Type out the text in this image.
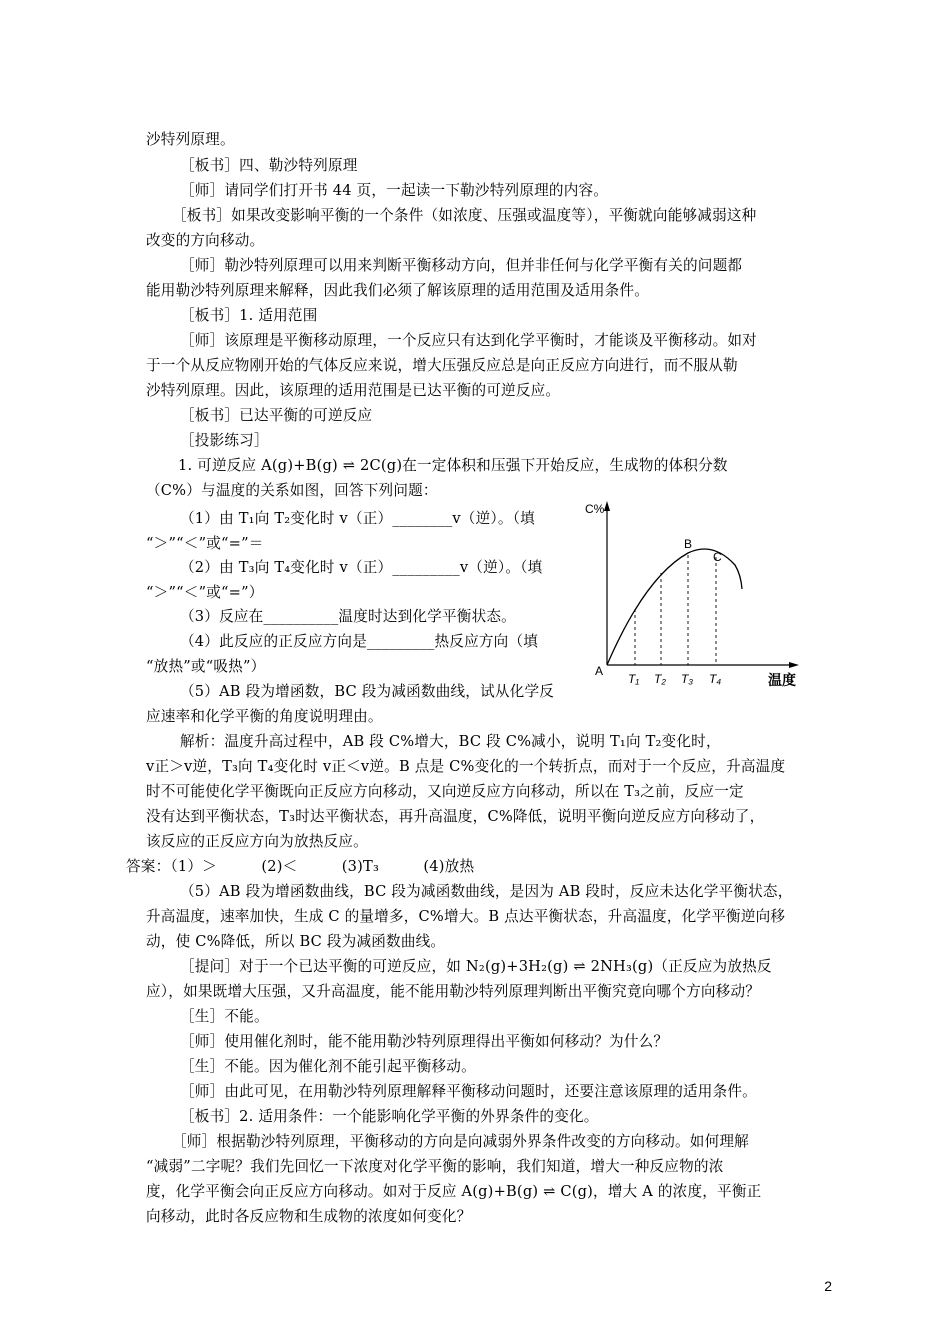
沙特列原理。
［板书］四、勒沙特列原理
［师］请同学们打开书 44 页，一起读一下勒沙特列原理的内容。
［板书］如果改变影响平衡的一个条件（如浓度、压强或温度等），平衡就向能够减弱这种
改变的方向移动。
［师］勒沙特列原理可以用来判断平衡移动方向，但并非任何与化学平衡有关的问题都
能用勒沙特列原理来解释，因此我们必须了解该原理的适用范围及适用条件。
［板书］1. 适用范围
［师］该原理是平衡移动原理，一个反应只有达到化学平衡时，才能谈及平衡移动。如对
于一个从反应物刚开始的气体反应来说，增大压强反应总是向正反应方向进行，而不服从勒
沙特列原理。因此，该原理的适用范围是已达平衡的可逆反应。
［板书］已达平衡的可逆反应
［投影练习］
1. 可逆反应 A(g)+B(g) ⇌ 2C(g)在一定体积和压强下开始反应，生成物的体积分数
（C%）与温度的关系如图，回答下列问题：
（1）由 T₁向 T₂变化时 v（正）________v（逆）。（填
“＞”“＜”或“=”＝
（2）由 T₃向 T₄变化时 v（正）_________v（逆）。（填
“＞”“＜”或“=”）
（3）反应在__________温度时达到化学平衡状态。
（4）此反应的正反应方向是_________热反应方向（填
“放热”或“吸热”）
（5）AB 段为增函数，BC 段为减函数曲线，试从化学反
应速率和化学平衡的角度说明理由。
解析：温度升高过程中，AB 段 C%增大，BC 段 C%减小，说明 T₁向 T₂变化时，
v正＞v逆，T₃向 T₄变化时 v正＜v逆。B 点是 C%变化的一个转折点，而对于一个反应，升高温度
时不可能使化学平衡既向正反应方向移动，又向逆反应方向移动，所以在 T₃之前，反应一定
没有达到平衡状态，T₃时达平衡状态，再升高温度，C%降低，说明平衡向逆反应方向移动了，
该反应的正反应方向为放热反应。
答案：（1）＞　　　(2)＜　　　(3)T₃　　　(4)放热
（5）AB 段为增函数曲线，BC 段为减函数曲线，是因为 AB 段时，反应未达化学平衡状态，
升高温度，速率加快，生成 C 的量增多，C%增大。B 点达平衡状态，升高温度，化学平衡逆向移
动，使 C%降低，所以 BC 段为减函数曲线。
［提问］对于一个已达平衡的可逆反应，如 N₂(g)+3H₂(g) ⇌ 2NH₃(g)（正反应为放热反
应），如果既增大压强，又升高温度，能不能用勒沙特列原理判断出平衡究竟向哪个方向移动？
［生］不能。
［师］使用催化剂时，能不能用勒沙特列原理得出平衡如何移动？为什么？
［生］不能。因为催化剂不能引起平衡移动。
［师］由此可见，在用勒沙特列原理解释平衡移动问题时，还要注意该原理的适用条件。
［板书］2. 适用条件：一个能影响化学平衡的外界条件的变化。
［师］根据勒沙特列原理，平衡移动的方向是向减弱外界条件改变的方向移动。如何理解
“减弱”二字呢？我们先回忆一下浓度对化学平衡的影响，我们知道，增大一种反应物的浓
度，化学平衡会向正反应方向移动。如对于反应 A(g)+B(g) ⇌ C(g)，增大 A 的浓度，平衡正
向移动，此时各反应物和生成物的浓度如何变化？
C%
温度
A
B
C
T₁ T₂ T₃ T₄
2
